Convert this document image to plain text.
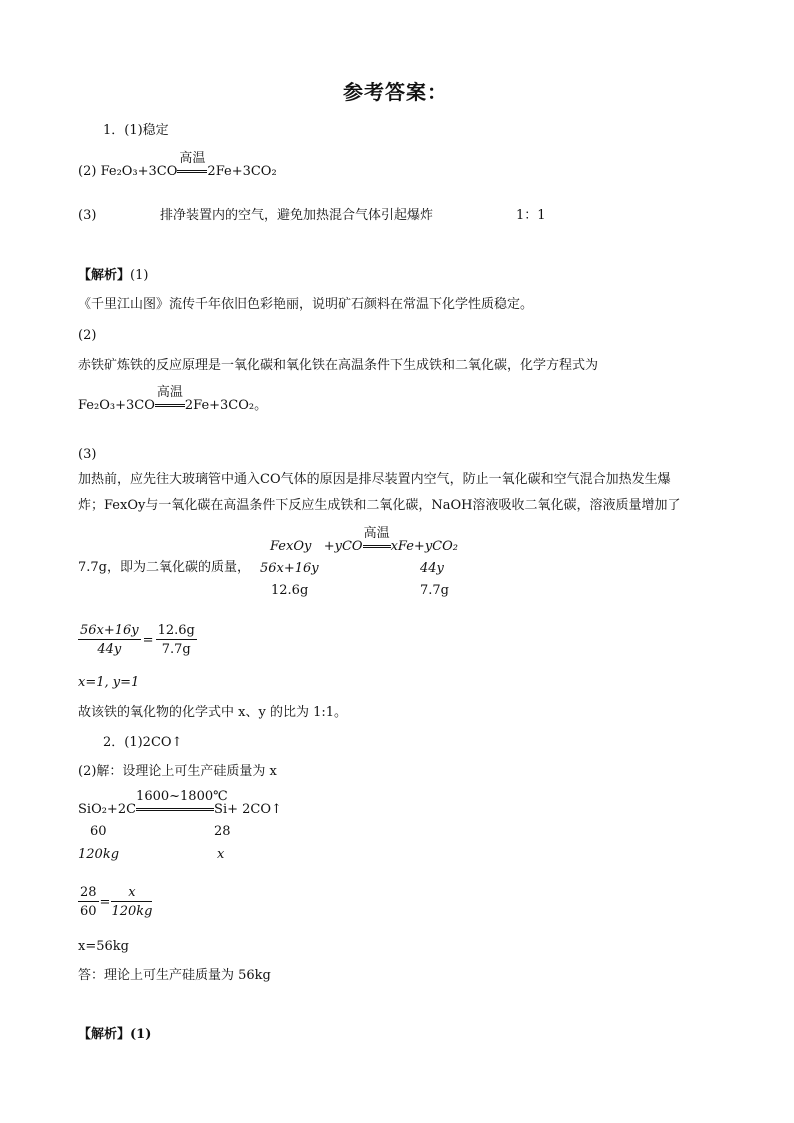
参考答案：
1．(1)稳定
(2) Fe₂O₃+3CO
高温
2Fe+3CO₂
(3)	排净装置内的空气，避免加热混合气体引起爆炸	1：1
【解析】(1)
《千里江山图》流传千年依旧色彩艳丽，说明矿石颜料在常温下化学性质稳定。
(2)
赤铁矿炼铁的反应原理是一氧化碳和氧化铁在高温条件下生成铁和二氧化碳，化学方程式为
Fe₂O₃+3CO
高温
2Fe+3CO₂。
(3)
加热前，应先往大玻璃管中通入CO气体的原因是排尽装置内空气，防止一氧化碳和空气混合加热发生爆
炸；FexOy与一氧化碳在高温条件下反应生成铁和二氧化碳，NaOH溶液吸收二氧化碳，溶液质量增加了
7.7g，即为二氧化碳的质量，
FexOy +yCO
高温
xFe+yCO₂
56x+16y	44y
12.6g	7.7g
$\frac{56x+16y}{44y} = \frac{12.6g}{7.7g}$
x=1, y=1
故该铁的氧化物的化学式中 x、y 的比为 1:1。
2．(1)2CO↑
(2)解：设理论上可生产硅质量为 x
SiO₂+2C
1600~1800℃
Si+ 2CO↑
60	28
120kg	x
$\frac{28}{60} = \frac{x}{120kg}$
x=56kg
答：理论上可生产硅质量为 56kg
【解析】(1)
